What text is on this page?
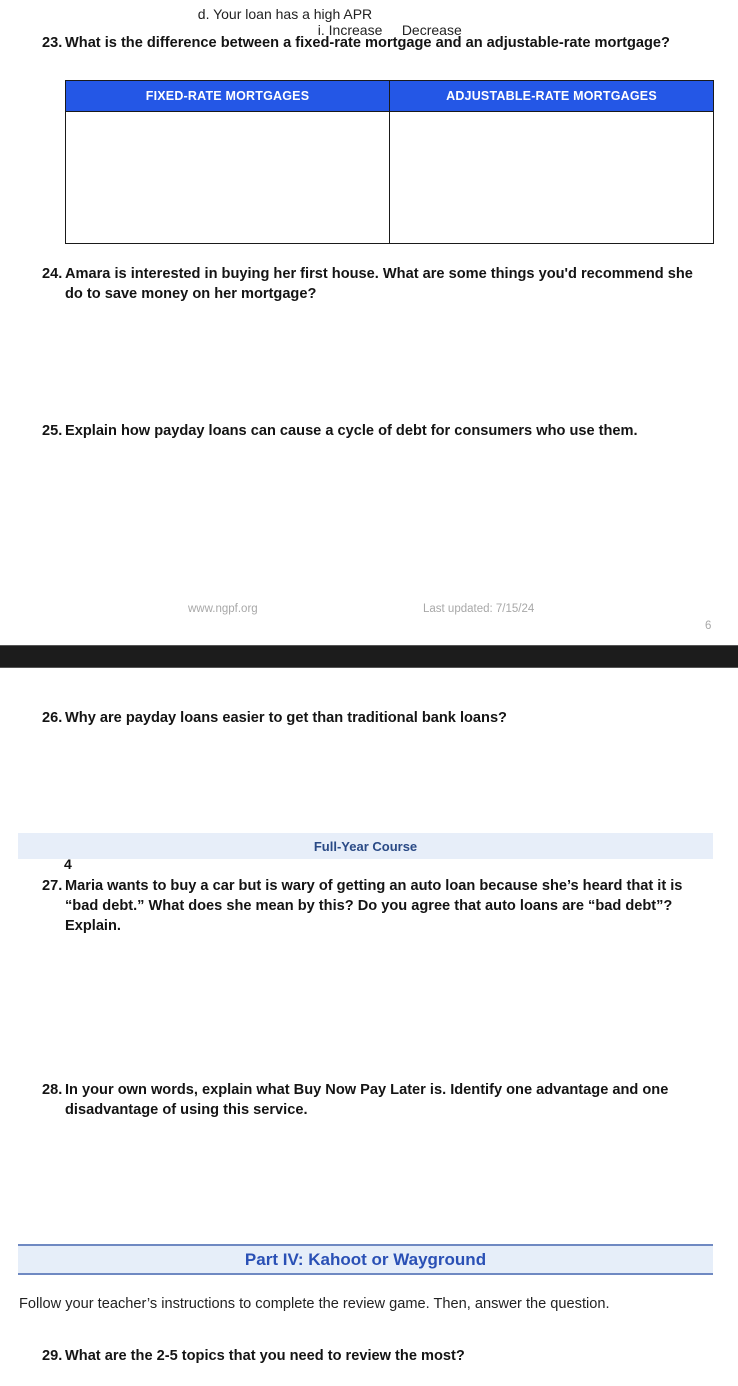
d. Your loan has a high APR
i. Increase     Decrease

23. What is the difference between a fixed-rate mortgage and an adjustable-rate mortgage?
FIXED-RATE MORTGAGES	ADJUSTABLE-RATE MORTGAGES

24. Amara is interested in buying her first house. What are some things you'd recommend she do to save money on her mortgage?
25. Explain how payday loans can cause a cycle of debt for consumers who use them.
www.ngpf.org	Last updated: 7/15/24
6
26. Why are payday loans easier to get than traditional bank loans?
Full-Year Course
4
27. Maria wants to buy a car but is wary of getting an auto loan because she’s heard that it is “bad debt.” What does she mean by this? Do you agree that auto loans are “bad debt”? Explain.
28. In your own words, explain what Buy Now Pay Later is. Identify one advantage and one disadvantage of using this service.
Part IV: Kahoot or Wayground
Follow your teacher’s instructions to complete the review game. Then, answer the question.
29. What are the 2-5 topics that you need to review the most?
